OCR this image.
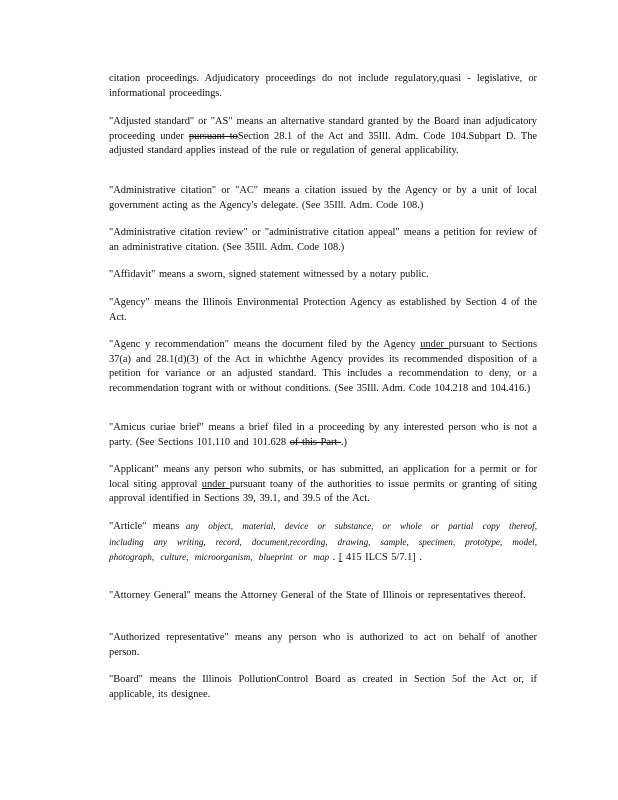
citation proceedings. Adjudicatory proceedings do not include regulatory,quasi - legislative, or informational proceedings.
"Adjusted standard" or "AS" means an alternative standard granted by the Board inan adjudicatory proceeding under pursuant toSection 28.1 of the Act and 35Ill. Adm. Code 104.Subpart D. The adjusted standard applies instead of the rule or regulation of general applicability.
"Administrative citation" or "AC" means a citation issued by the Agency or by a unit of local government acting as the Agency's delegate. (See 35Ill. Adm. Code 108.)
"Administrative citation review" or "administrative citation appeal" means a petition for review of an administrative citation. (See 35Ill. Adm. Code 108.)
"Affidavit" means a sworn, signed statement witnessed by a notary public.
"Agency" means the Illinois Environmental Protection Agency as established by Section 4 of the Act.
"Agenc y recommendation" means the document filed by the Agency under pursuant to Sections 37(a) and 28.1(d)(3) of the Act in whichthe Agency provides its recommended disposition of a petition for variance or an adjusted standard. This includes a recommendation to deny, or a recommendation togrant with or without conditions. (See 35Ill. Adm. Code 104.218 and 104.416.)
"Amicus curiae brief" means a brief filed in a proceeding by any interested person who is not a party. (See Sections 101.110 and 101.628 of this Part .)
"Applicant" means any person who submits, or has submitted, an application for a permit or for local siting approval under pursuant toany of the authorities to issue permits or granting of siting approval identified in Sections 39, 39.1, and 39.5 of the Act.
"Article" means any object, material, device or substance, or whole or partial copy thereof, including any writing, record, document,recording, drawing, sample, specimen, prototype, model, photograph, culture, microorganism, blueprint or map . [ 415 ILCS 5/7.1] .
"Attorney General" means the Attorney General of the State of Illinois or representatives thereof.
"Authorized representative" means any person who is authorized to act on behalf of another person.
"Board" means the Illinois PollutionControl Board as created in Section 5of the Act or, if applicable, its designee.
